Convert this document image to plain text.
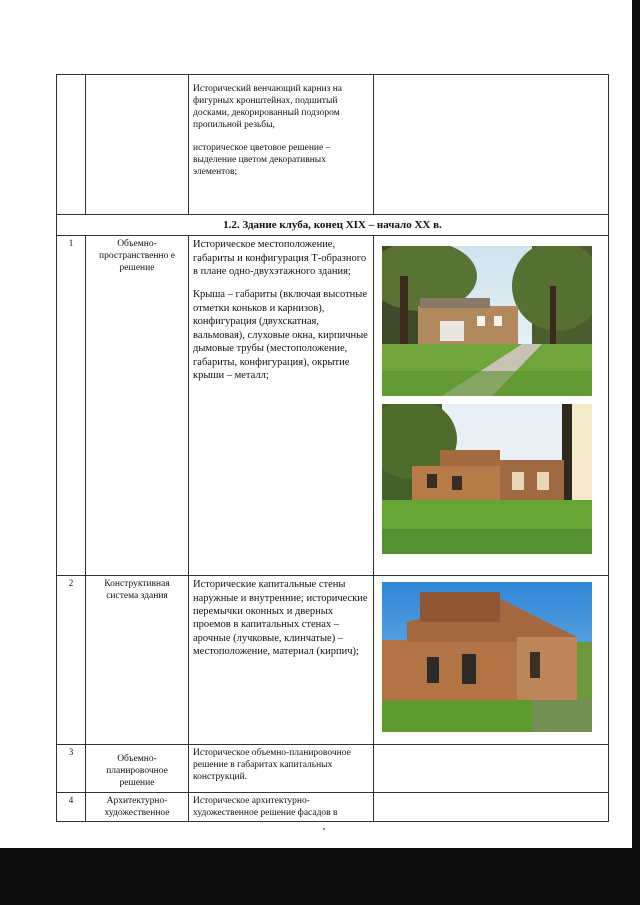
		Исторический венчающий карниз на фигурных кронштейнах, подшитый досками, декорированный подзором пропильной резьбы,

историческое цветовое решение – выделение цветом декоративных элементов;	

1.2. Здание клуба, конец XIX – начало XX в.			
1	Объемно-пространственно е решение	Историческое местоположение, габариты и конфигурация Т-образного в плане одно-двухэтажного здания;

Крыша – габариты (включая высотные отметки коньков и карнизов), конфигурация (двухскатная, вальмовая), слуховые окна, кирпичные дымовые трубы (местоположение, габариты, конфигурация), окрытие крыши – металл;

2	Конструктивная система здания	Исторические капитальные стены наружные и внутренние; исторические перемычки оконных и дверных проемов в капитальных стенах – арочные (лучковые, клинчатые) – местоположение, материал (кирпич);

3	Объемно-планировочное решение	Историческое объемно-планировочное решение в габаритах капитальных конструкций.	
4	Архитектурно-художественное	Историческое архитектурно-художественное решение фасадов в	
